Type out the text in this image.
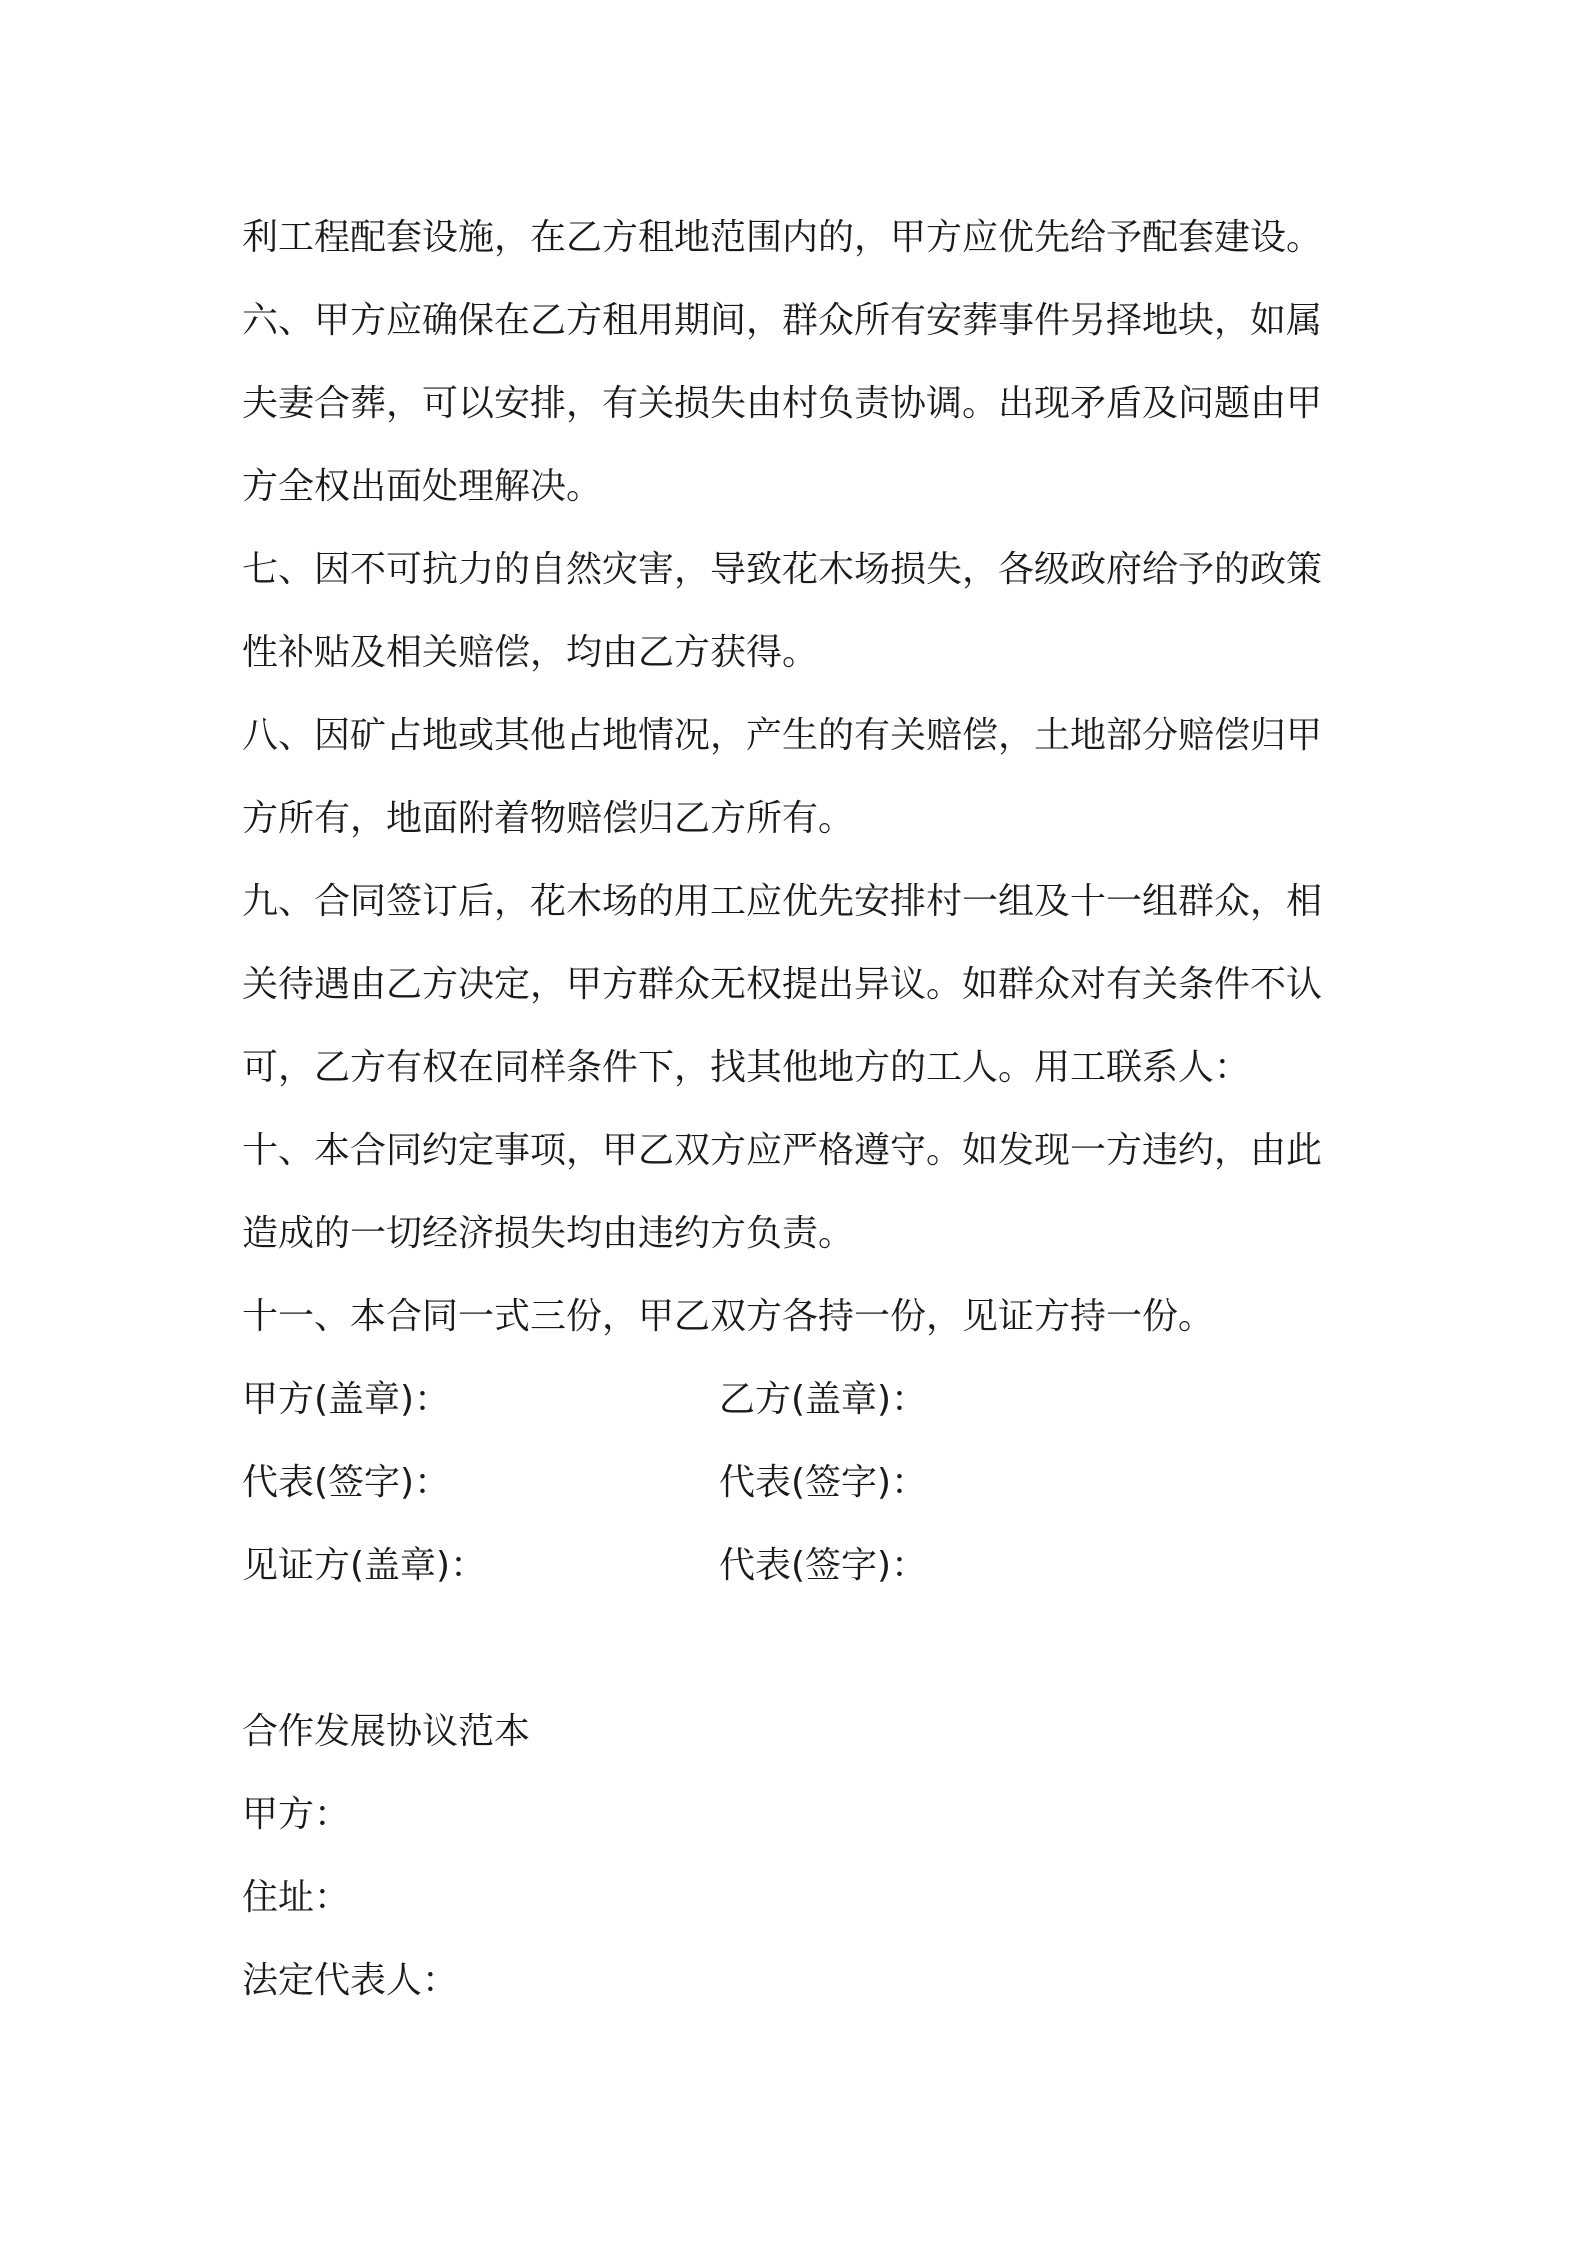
利工程配套设施，在乙方租地范围内的，甲方应优先给予配套建设。
六、甲方应确保在乙方租用期间，群众所有安葬事件另择地块，如属
夫妻合葬，可以安排，有关损失由村负责协调。出现矛盾及问题由甲
方全权出面处理解决。
七、因不可抗力的自然灾害，导致花木场损失，各级政府给予的政策
性补贴及相关赔偿，均由乙方获得。
八、因矿占地或其他占地情况，产生的有关赔偿，土地部分赔偿归甲
方所有，地面附着物赔偿归乙方所有。
九、合同签订后，花木场的用工应优先安排村一组及十一组群众，相
关待遇由乙方决定，甲方群众无权提出异议。如群众对有关条件不认
可，乙方有权在同样条件下，找其他地方的工人。用工联系人：
十、本合同约定事项，甲乙双方应严格遵守。如发现一方违约，由此
造成的一切经济损失均由违约方负责。
十一、本合同一式三份，甲乙双方各持一份，见证方持一份。
甲方(盖章)：	乙方(盖章)：
代表(签字)：	代表(签字)：
见证方(盖章)：	代表(签字)：
合作发展协议范本
甲方：
住址：
法定代表人：
